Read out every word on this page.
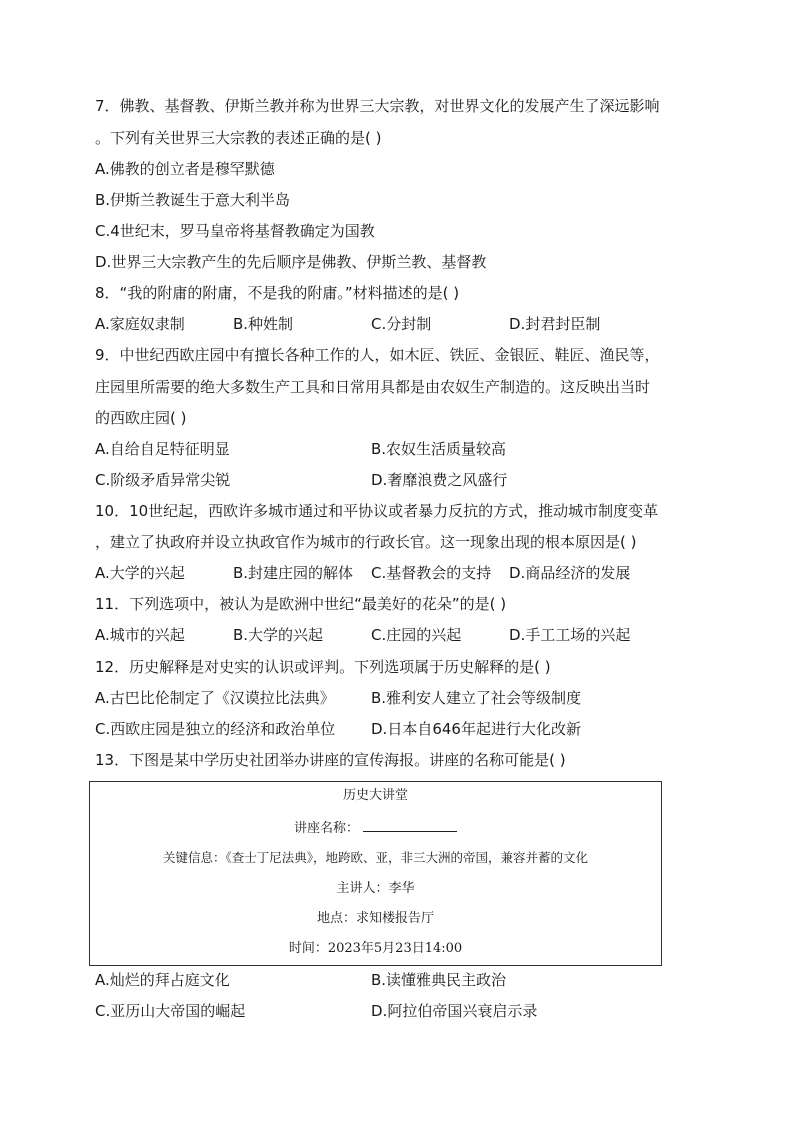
7．佛教、基督教、伊斯兰教并称为世界三大宗教，对世界文化的发展产生了深远影响
。下列有关世界三大宗教的表述正确的是( )
A.佛教的创立者是穆罕默德
B.伊斯兰教诞生于意大利半岛
C.4世纪末，罗马皇帝将基督教确定为国教
D.世界三大宗教产生的先后顺序是佛教、伊斯兰教、基督教
8．“我的附庸的附庸，不是我的附庸。”材料描述的是( )
A.家庭奴隶制	B.种姓制	C.分封制	D.封君封臣制
9．中世纪西欧庄园中有擅长各种工作的人，如木匠、铁匠、金银匠、鞋匠、渔民等，
庄园里所需要的绝大多数生产工具和日常用具都是由农奴生产制造的。这反映出当时
的西欧庄园( )
A.自给自足特征明显	B.农奴生活质量较高
C.阶级矛盾异常尖锐	D.奢靡浪费之风盛行
10．10世纪起，西欧许多城市通过和平协议或者暴力反抗的方式，推动城市制度变革
，建立了执政府并设立执政官作为城市的行政长官。这一现象出现的根本原因是( )
A.大学的兴起	B.封建庄园的解体 C.基督教会的支持 D.商品经济的发展
11．下列选项中，被认为是欧洲中世纪“最美好的花朵”的是( )
A.城市的兴起	B.大学的兴起	C.庄园的兴起	D.手工工场的兴起
12．历史解释是对史实的认识或评判。下列选项属于历史解释的是( )
A.古巴比伦制定了《汉谟拉比法典》 B.雅利安人建立了社会等级制度
C.西欧庄园是独立的经济和政治单位 D.日本自646年起进行大化改新
13．下图是某中学历史社团举办讲座的宣传海报。讲座的名称可能是( )
历史大讲堂
讲座名称：
关键信息：《查士丁尼法典》，地跨欧、亚，非三大洲的帝国，兼容并蓄的文化
主讲人：李华
地点：求知楼报告厅
时间：2023年5月23日14:00
A.灿烂的拜占庭文化	B.读懂雅典民主政治
C.亚历山大帝国的崛起	D.阿拉伯帝国兴衰启示录
